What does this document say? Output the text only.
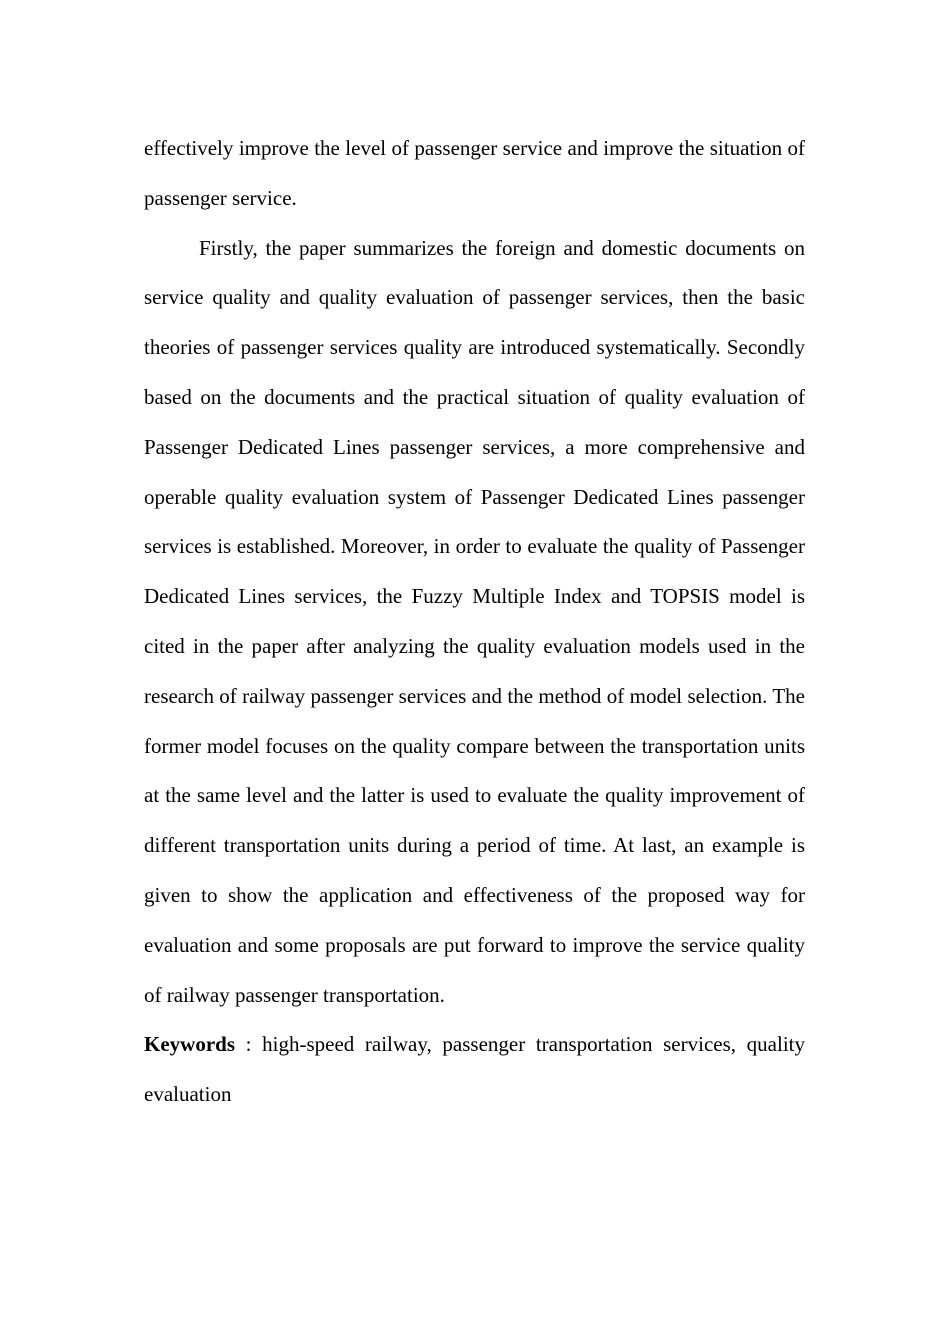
effectively improve the level of passenger service and improve the situation of passenger service.

Firstly, the paper summarizes the foreign and domestic documents on service quality and quality evaluation of passenger services, then the basic theories of passenger services quality are introduced systematically. Secondly based on the documents and the practical situation of quality evaluation of Passenger Dedicated Lines passenger services, a more comprehensive and operable quality evaluation system of Passenger Dedicated Lines passenger services is established. Moreover, in order to evaluate the quality of Passenger Dedicated Lines services, the Fuzzy Multiple Index and TOPSIS model is cited in the paper after analyzing the quality evaluation models used in the research of railway passenger services and the method of model selection. The former model focuses on the quality compare between the transportation units at the same level and the latter is used to evaluate the quality improvement of different transportation units during a period of time. At last, an example is given to show the application and effectiveness of the proposed way for evaluation and some proposals are put forward to improve the service quality of railway passenger transportation.

Keywords : high-speed railway, passenger transportation services, quality evaluation
